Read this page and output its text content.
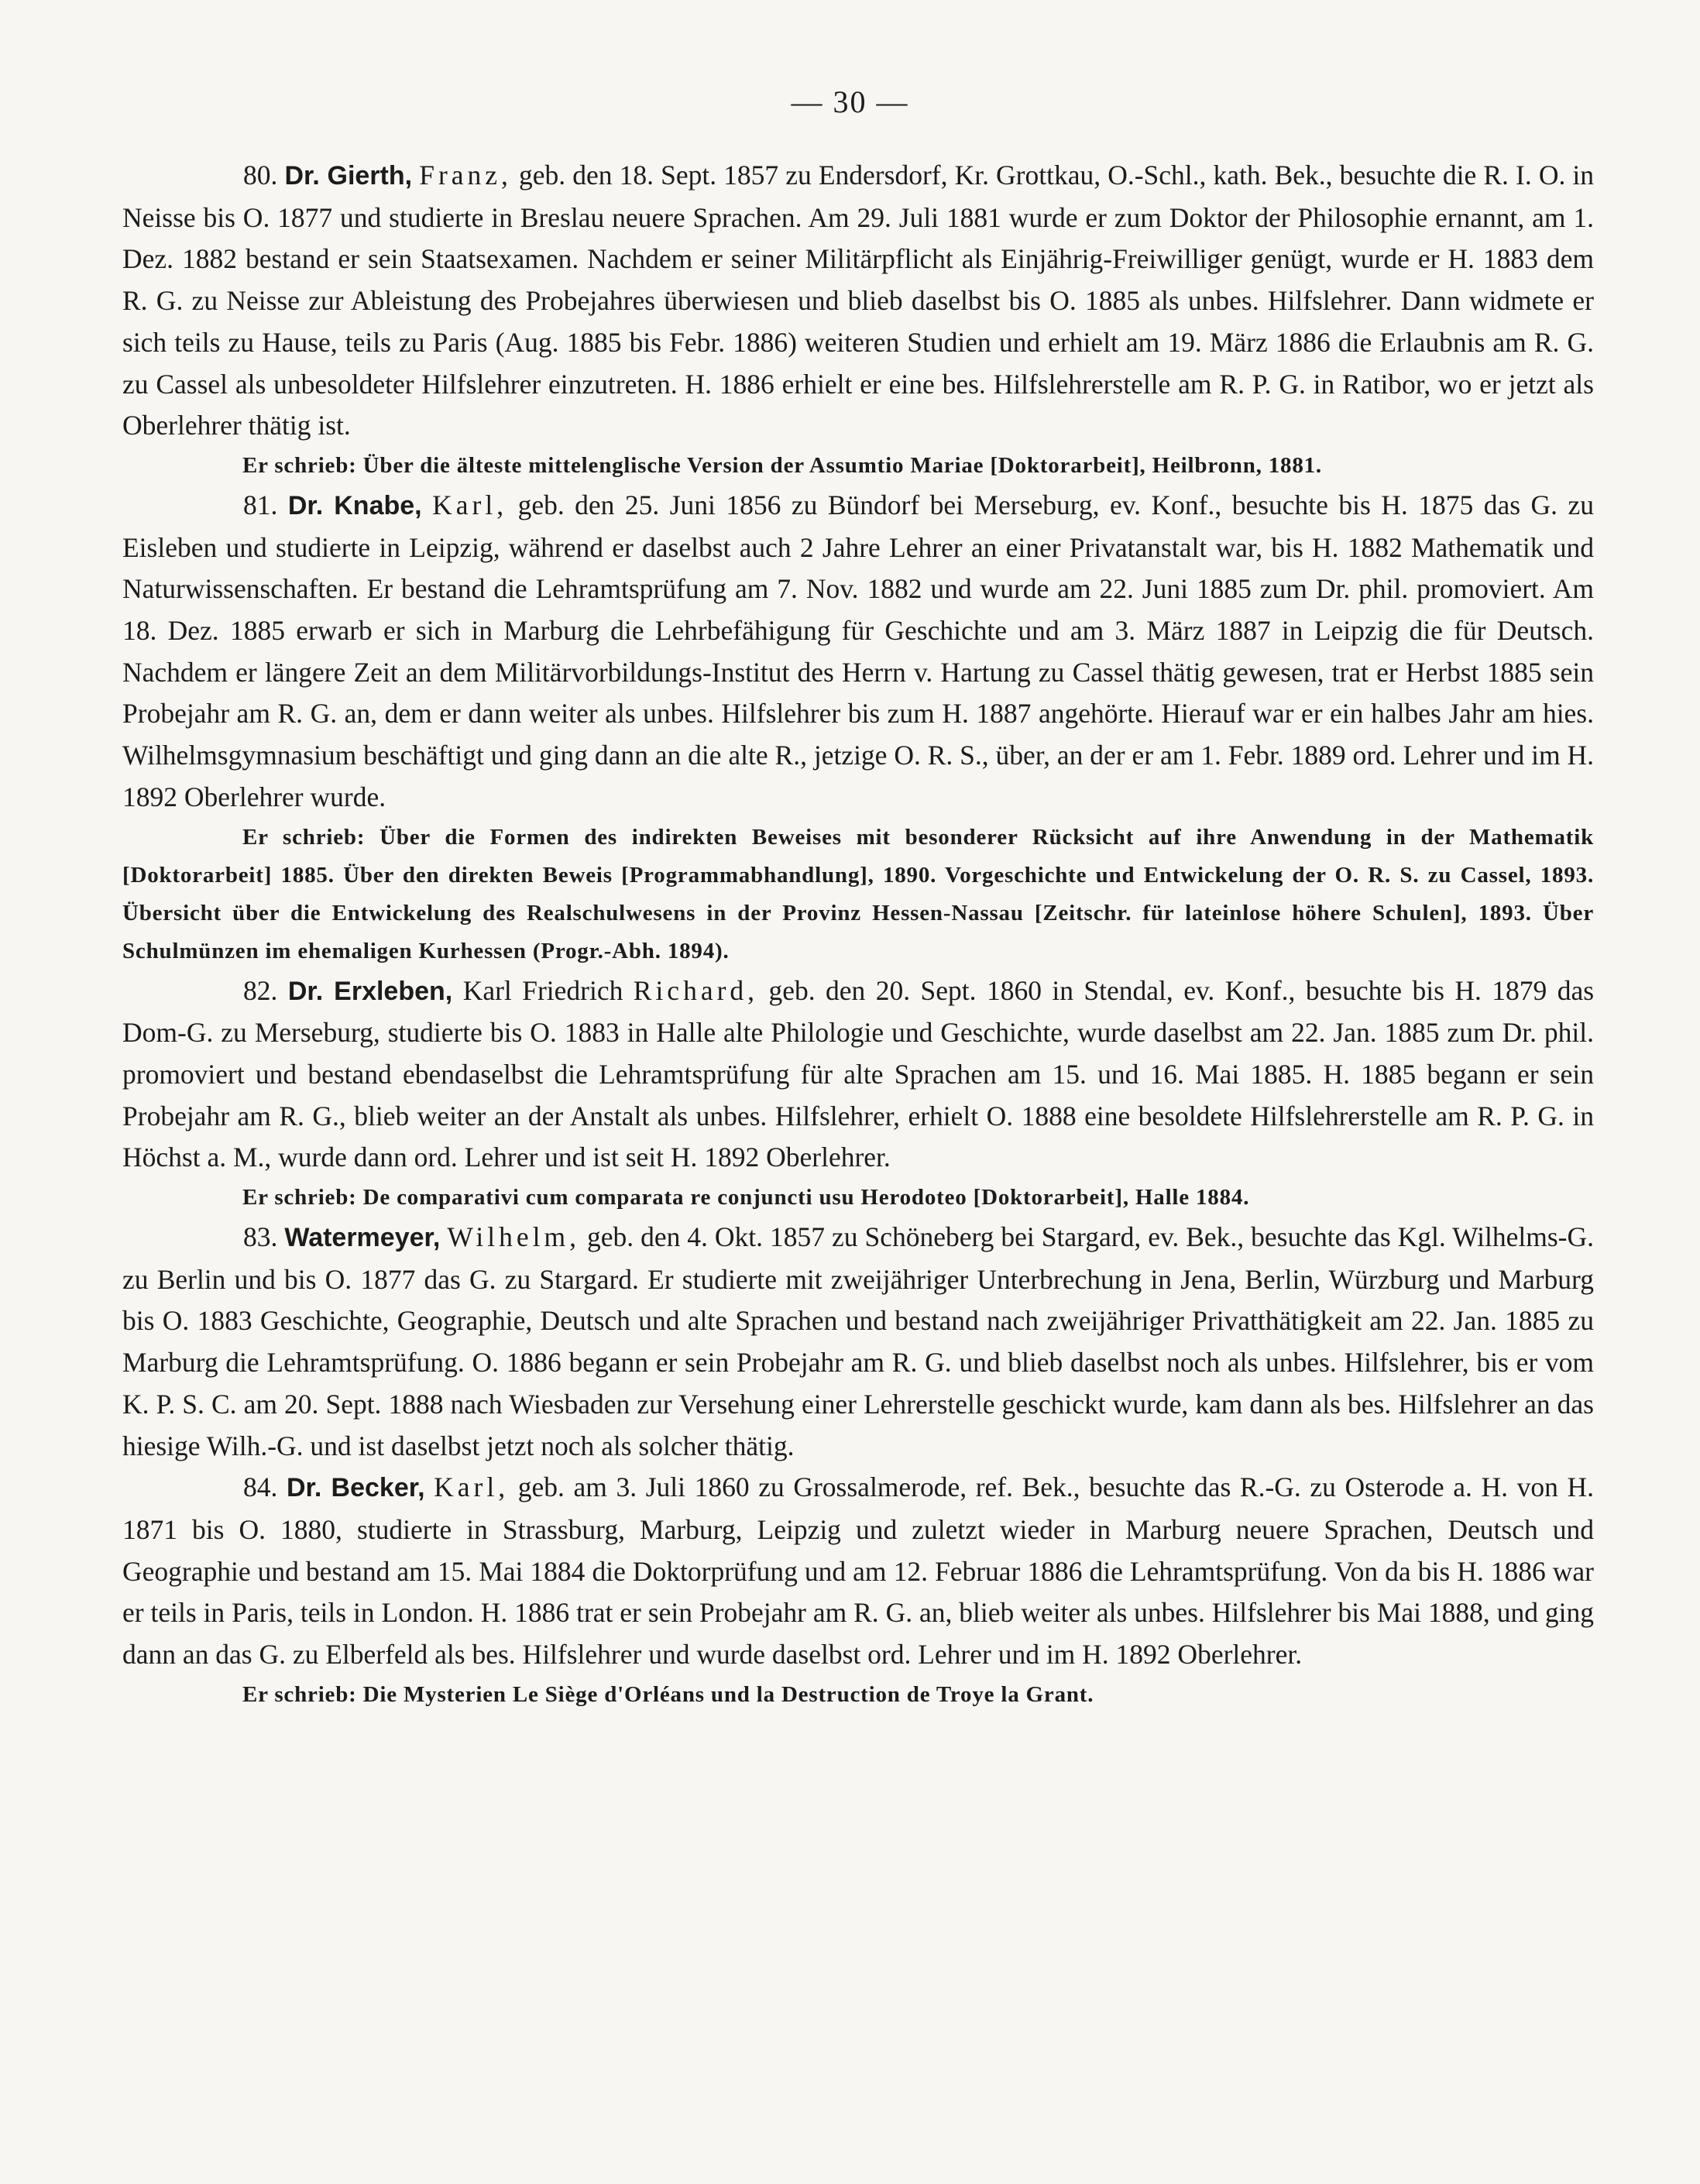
— 30 —

80. Dr. Gierth, Franz, geb. den 18. Sept. 1857 zu Endersdorf, Kr. Grottkau, O.-Schl., kath. Bek., besuchte die R. I. O. in Neisse bis O. 1877 und studierte in Breslau neuere Sprachen. Am 29. Juli 1881 wurde er zum Doktor der Philosophie ernannt, am 1. Dez. 1882 bestand er sein Staatsexamen. Nachdem er seiner Militärpflicht als Einjährig-Freiwilliger genügt, wurde er H. 1883 dem R. G. zu Neisse zur Ableistung des Probejahres überwiesen und blieb daselbst bis O. 1885 als unbes. Hilfslehrer. Dann widmete er sich teils zu Hause, teils zu Paris (Aug. 1885 bis Febr. 1886) weiteren Studien und erhielt am 19. März 1886 die Erlaubnis am R. G. zu Cassel als unbesoldeter Hilfslehrer einzutreten. H. 1886 erhielt er eine bes. Hilfslehrerstelle am R. P. G. in Ratibor, wo er jetzt als Oberlehrer thätig ist.

Er schrieb: Über die älteste mittelenglische Version der Assumtio Mariae [Doktorarbeit], Heilbronn, 1881.

81. Dr. Knabe, Karl, geb. den 25. Juni 1856 zu Bündorf bei Merseburg, ev. Konf., besuchte bis H. 1875 das G. zu Eisleben und studierte in Leipzig, während er daselbst auch 2 Jahre Lehrer an einer Privatanstalt war, bis H. 1882 Mathematik und Naturwissenschaften. Er bestand die Lehramtsprüfung am 7. Nov. 1882 und wurde am 22. Juni 1885 zum Dr. phil. promoviert. Am 18. Dez. 1885 erwarb er sich in Marburg die Lehrbefähigung für Geschichte und am 3. März 1887 in Leipzig die für Deutsch. Nachdem er längere Zeit an dem Militärvorbildungs-Institut des Herrn v. Hartung zu Cassel thätig gewesen, trat er Herbst 1885 sein Probejahr am R. G. an, dem er dann weiter als unbes. Hilfslehrer bis zum H. 1887 angehörte. Hierauf war er ein halbes Jahr am hies. Wilhelmsgymnasium beschäftigt und ging dann an die alte R., jetzige O. R. S., über, an der er am 1. Febr. 1889 ord. Lehrer und im H. 1892 Oberlehrer wurde.

Er schrieb: Über die Formen des indirekten Beweises mit besonderer Rücksicht auf ihre Anwendung in der Mathematik [Doktorarbeit] 1885. Über den direkten Beweis [Programmabhandlung], 1890. Vorgeschichte und Entwickelung der O. R. S. zu Cassel, 1893. Übersicht über die Entwickelung des Realschulwesens in der Provinz Hessen-Nassau [Zeitschr. für lateinlose höhere Schulen], 1893. Über Schulmünzen im ehemaligen Kurhessen (Progr.-Abh. 1894).

82. Dr. Erxleben, Karl Friedrich Richard, geb. den 20. Sept. 1860 in Stendal, ev. Konf., besuchte bis H. 1879 das Dom-G. zu Merseburg, studierte bis O. 1883 in Halle alte Philologie und Geschichte, wurde daselbst am 22. Jan. 1885 zum Dr. phil. promoviert und bestand ebendaselbst die Lehramtsprüfung für alte Sprachen am 15. und 16. Mai 1885. H. 1885 begann er sein Probejahr am R. G., blieb weiter an der Anstalt als unbes. Hilfslehrer, erhielt O. 1888 eine besoldete Hilfslehrerstelle am R. P. G. in Höchst a. M., wurde dann ord. Lehrer und ist seit H. 1892 Oberlehrer.

Er schrieb: De comparativi cum comparata re conjuncti usu Herodoteo [Doktorarbeit], Halle 1884.

83. Watermeyer, Wilhelm, geb. den 4. Okt. 1857 zu Schöneberg bei Stargard, ev. Bek., besuchte das Kgl. Wilhelms-G. zu Berlin und bis O. 1877 das G. zu Stargard. Er studierte mit zweijähriger Unterbrechung in Jena, Berlin, Würzburg und Marburg bis O. 1883 Geschichte, Geographie, Deutsch und alte Sprachen und bestand nach zweijähriger Privatthätigkeit am 22. Jan. 1885 zu Marburg die Lehramtsprüfung. O. 1886 begann er sein Probejahr am R. G. und blieb daselbst noch als unbes. Hilfslehrer, bis er vom K. P. S. C. am 20. Sept. 1888 nach Wiesbaden zur Versehung einer Lehrerstelle geschickt wurde, kam dann als bes. Hilfslehrer an das hiesige Wilh.-G. und ist daselbst jetzt noch als solcher thätig.

84. Dr. Becker, Karl, geb. am 3. Juli 1860 zu Grossalmerode, ref. Bek., besuchte das R.-G. zu Osterode a. H. von H. 1871 bis O. 1880, studierte in Strassburg, Marburg, Leipzig und zuletzt wieder in Marburg neuere Sprachen, Deutsch und Geographie und bestand am 15. Mai 1884 die Doktorprüfung und am 12. Februar 1886 die Lehramtsprüfung. Von da bis H. 1886 war er teils in Paris, teils in London. H. 1886 trat er sein Probejahr am R. G. an, blieb weiter als unbes. Hilfslehrer bis Mai 1888, und ging dann an das G. zu Elberfeld als bes. Hilfslehrer und wurde daselbst ord. Lehrer und im H. 1892 Oberlehrer.

Er schrieb: Die Mysterien Le Siège d'Orléans und la Destruction de Troye la Grant.
